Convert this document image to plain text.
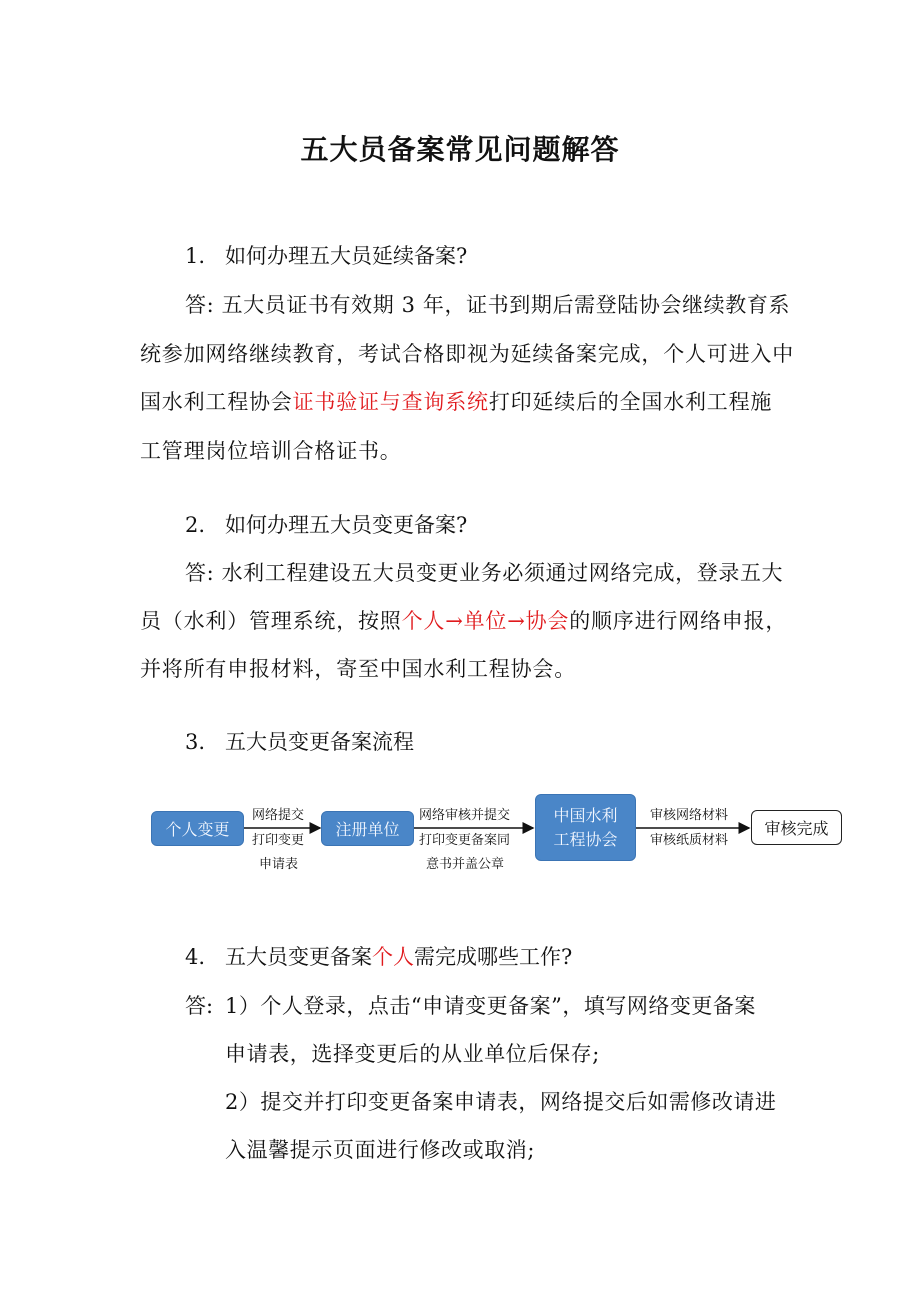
五大员备案常见问题解答
1. 如何办理五大员延续备案?
答: 五大员证书有效期 3 年，证书到期后需登陆协会继续教育系
统参加网络继续教育，考试合格即视为延续备案完成，个人可进入中
国水利工程协会证书验证与查询系统打印延续后的全国水利工程施
工管理岗位培训合格证书。
2. 如何办理五大员变更备案?
答: 水利工程建设五大员变更业务必须通过网络完成，登录五大
员（水利）管理系统，按照个人→单位→协会的顺序进行网络申报，
并将所有申报材料，寄至中国水利工程协会。
3. 五大员变更备案流程
个人变更	注册单位
中国水利
工程协会
审核完成
网络提交
打印变更
申请表
网络审核并提交
打印变更备案同
意书并盖公章
审核网络材料
审核纸质材料
4. 五大员变更备案个人需完成哪些工作?
答: 1）个人登录，点击“申请变更备案”，填写网络变更备案
申请表，选择变更后的从业单位后保存;
2）提交并打印变更备案申请表，网络提交后如需修改请进
入温馨提示页面进行修改或取消;
